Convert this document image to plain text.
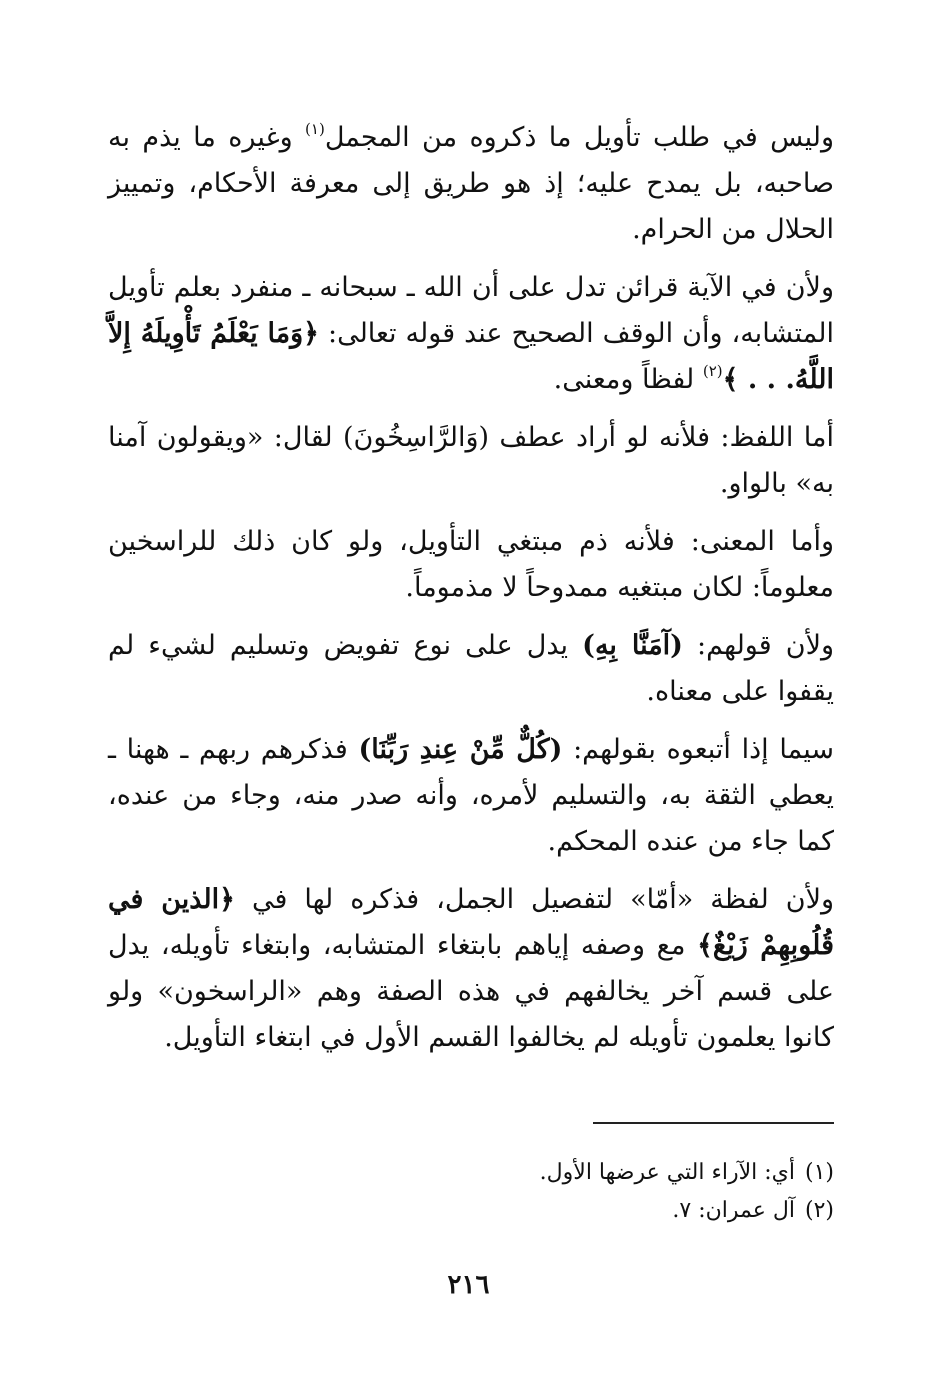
وليس في طلب تأويل ما ذكروه من المجمل$^{(١)}$ وغيره ما يذم به صاحبه، بل يمدح عليه؛ إذ هو طريق إلى معرفة الأحكام، وتمييز الحلال من الحرام.

ولأن في الآية قرائن تدل على أن الله ـ سبحانه ـ منفرد بعلم تأويل المتشابه، وأن الوقف الصحيح عند قوله تعالى: ﴿وَمَا يَعْلَمُ تَأْوِيلَهُ إِلاَّ اللَّهُ. . . ﴾$^{(٢)}$ لفظاً ومعنى.

أما اللفظ: فلأنه لو أراد عطف (وَالرَّاسِخُونَ) لقال: «ويقولون آمنا به» بالواو.

وأما المعنى: فلأنه ذم مبتغي التأويل، ولو كان ذلك للراسخين معلوماً: لكان مبتغيه ممدوحاً لا مذموماً.

ولأن قولهم: (آمَنَّا بِهِ) يدل على نوع تفويض وتسليم لشيء لم يقفوا على معناه.

سيما إذا أتبعوه بقولهم: (كُلٌّ مِّنْ عِندِ رَبِّنَا) فذكرهم ربهم ـ ههنا ـ يعطي الثقة به، والتسليم لأمره، وأنه صدر منه، وجاء من عنده، كما جاء من عنده المحكم.

ولأن لفظة «أمّا» لتفصيل الجمل، فذكره لها في ﴿الذين في قُلُوبِهِمْ زَيْغٌ﴾ مع وصفه إياهم بابتغاء المتشابه، وابتغاء تأويله، يدل على قسم آخر يخالفهم في هذه الصفة وهم «الراسخون» ولو كانوا يعلمون تأويله لم يخالفوا القسم الأول في ابتغاء التأويل.

(١)أي: الآراء التي عرضها الأول.

(٢)آل عمران: ٧.

٢١٦
